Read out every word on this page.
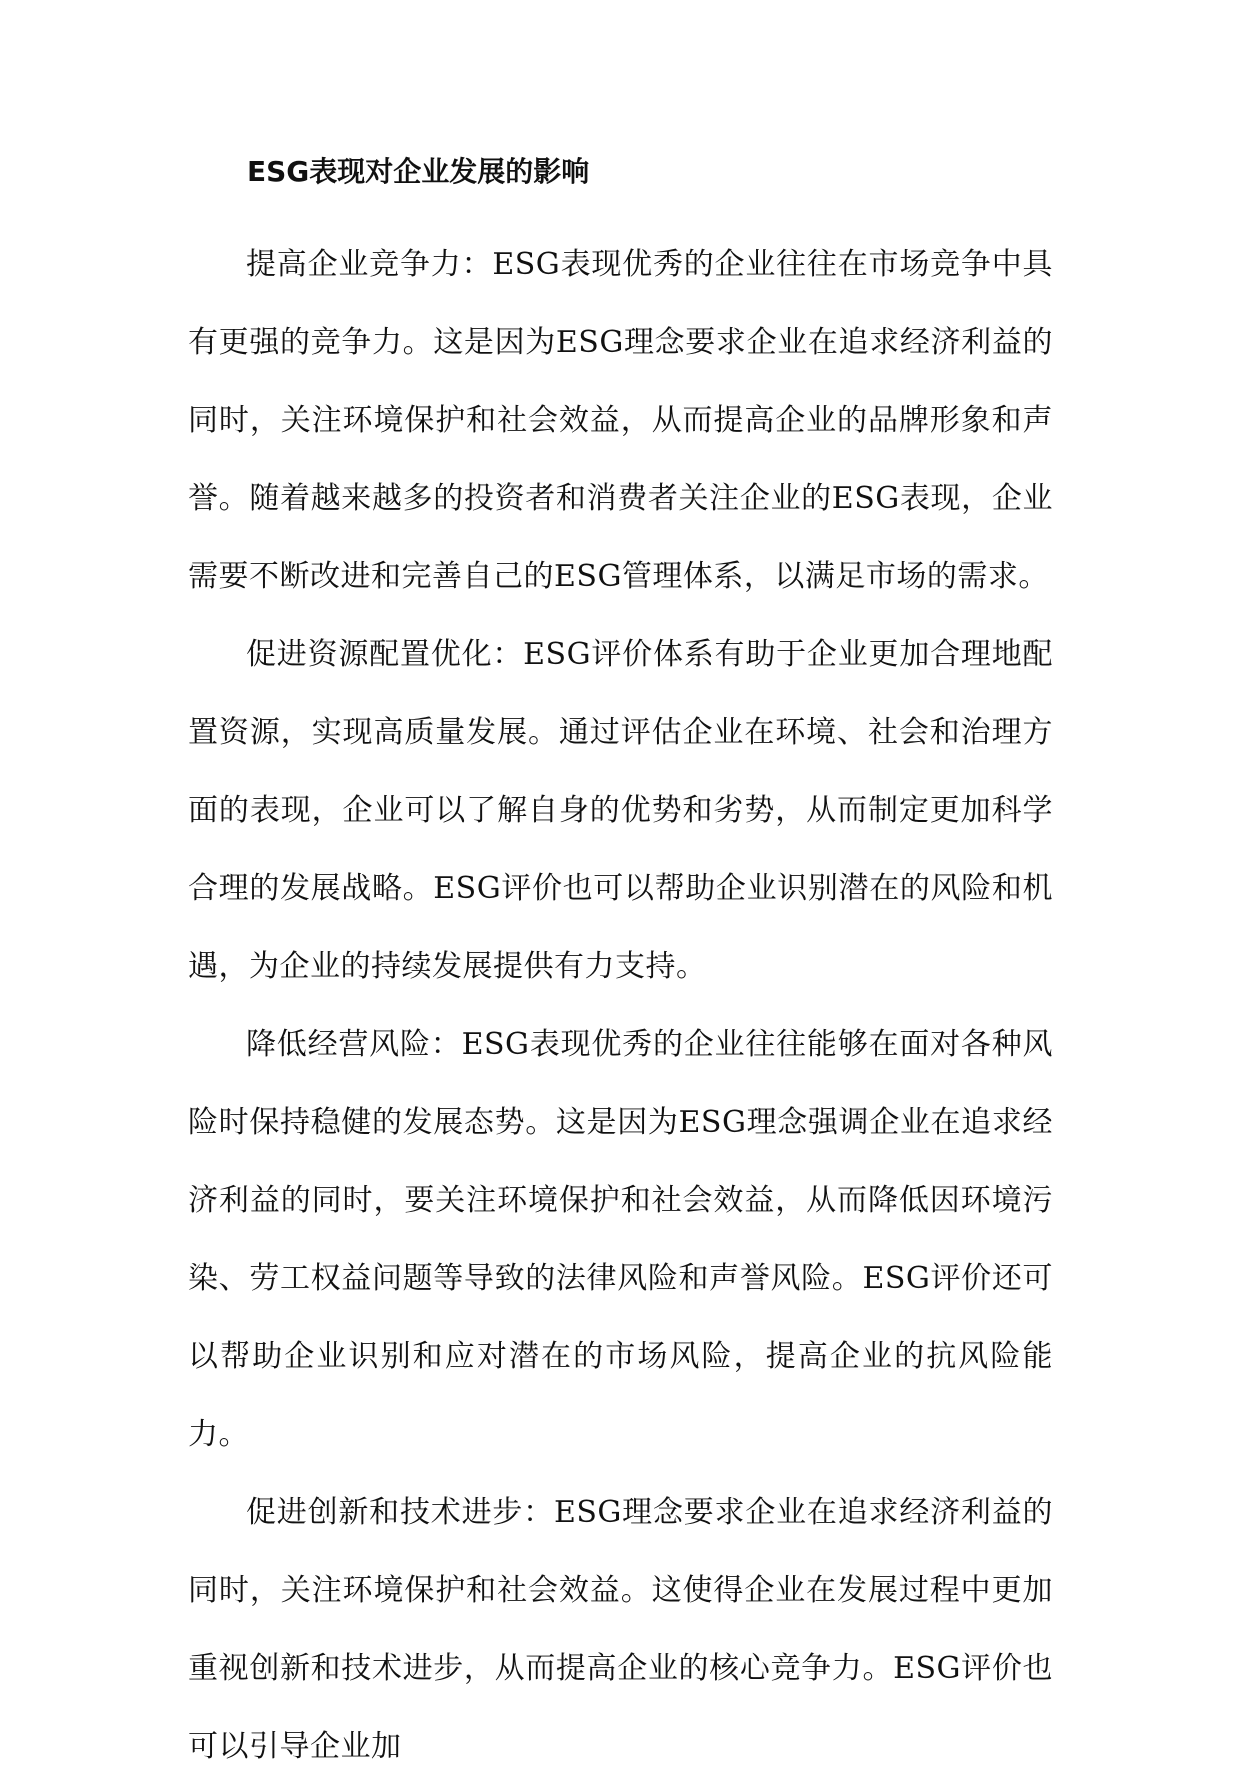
ESG表现对企业发展的影响

提高企业竞争力：ESG表现优秀的企业往往在市场竞争中具有更强的竞争力。这是因为ESG理念要求企业在追求经济利益的同时，关注环境保护和社会效益，从而提高企业的品牌形象和声誉。随着越来越多的投资者和消费者关注企业的ESG表现，企业需要不断改进和完善自己的ESG管理体系，以满足市场的需求。

促进资源配置优化：ESG评价体系有助于企业更加合理地配置资源，实现高质量发展。通过评估企业在环境、社会和治理方面的表现，企业可以了解自身的优势和劣势，从而制定更加科学合理的发展战略。ESG评价也可以帮助企业识别潜在的风险和机遇，为企业的持续发展提供有力支持。

降低经营风险：ESG表现优秀的企业往往能够在面对各种风险时保持稳健的发展态势。这是因为ESG理念强调企业在追求经济利益的同时，要关注环境保护和社会效益，从而降低因环境污染、劳工权益问题等导致的法律风险和声誉风险。ESG评价还可以帮助企业识别和应对潜在的市场风险，提高企业的抗风险能力。

促进创新和技术进步：ESG理念要求企业在追求经济利益的同时，关注环境保护和社会效益。这使得企业在发展过程中更加重视创新和技术进步，从而提高企业的核心竞争力。ESG评价也可以引导企业加
